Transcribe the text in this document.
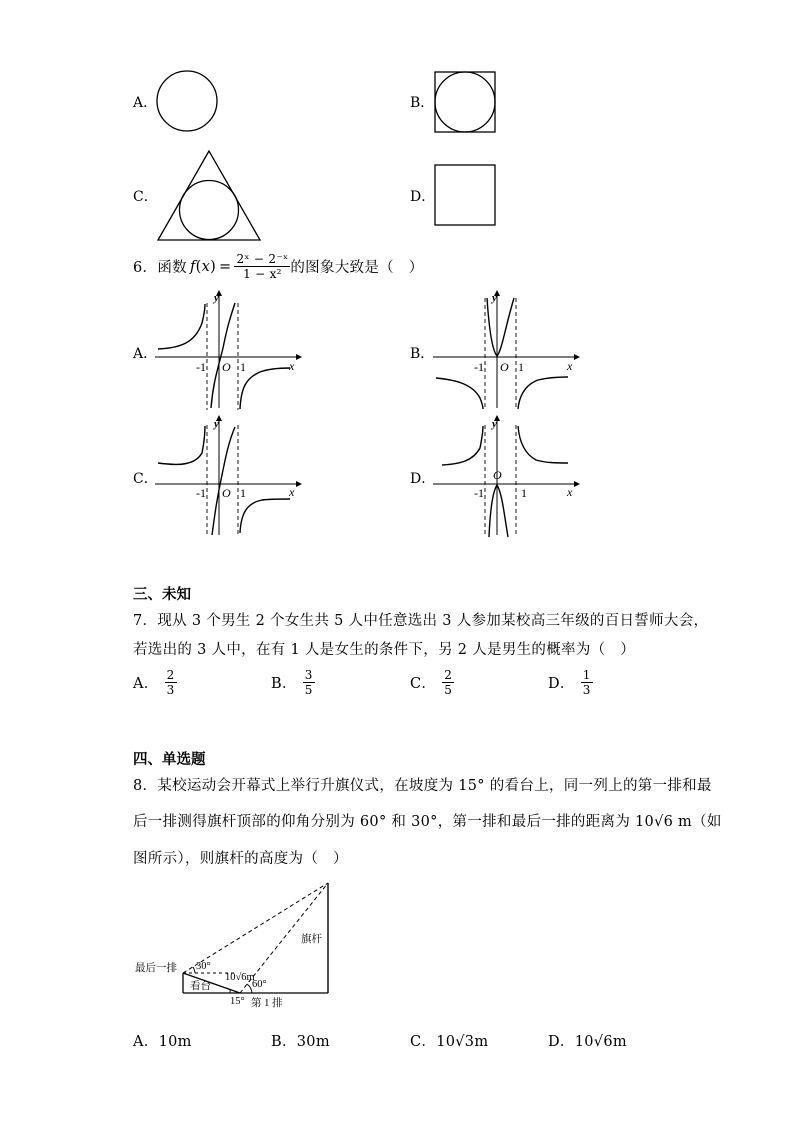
A．	B．
C．	D．
6．函数 f ( x ) = $\frac{\text{2ˣ − 2⁻ˣ}}{\text{1 − x²}}$ 的图象大致是（　）
A．
y
x
O
-1	1
B．
y
x
O
-1	1
C．
y
x
O
-1	1
D．
y
x
O
-1	1
三、未知
7．现从 3 个男生 2 个女生共 5 人中任意选出 3 人参加某校高三年级的百日誓师大会，
若选出的 3 人中，在有 1 人是女生的条件下，另 2 人是男生的概率为（　）
A． $\frac{2}{3}$	B． $\frac{3}{5}$	C． $\frac{2}{5}$	D． $\frac{1}{3}$
四、单选题
8．某校运动会开幕式上举行升旗仪式，在坡度为 15° 的看台上，同一列上的第一排和最
后一排测得旗杆顶部的仰角分别为 60° 和 30°，第一排和最后一排的距离为 10√6 m（如
图所示），则旗杆的高度为（　）
最后一排 30°
10√6m
看台	60°
15° 第 1 排
旗杆
A．10m	B．30m	C．10√3m	D．10√6m
